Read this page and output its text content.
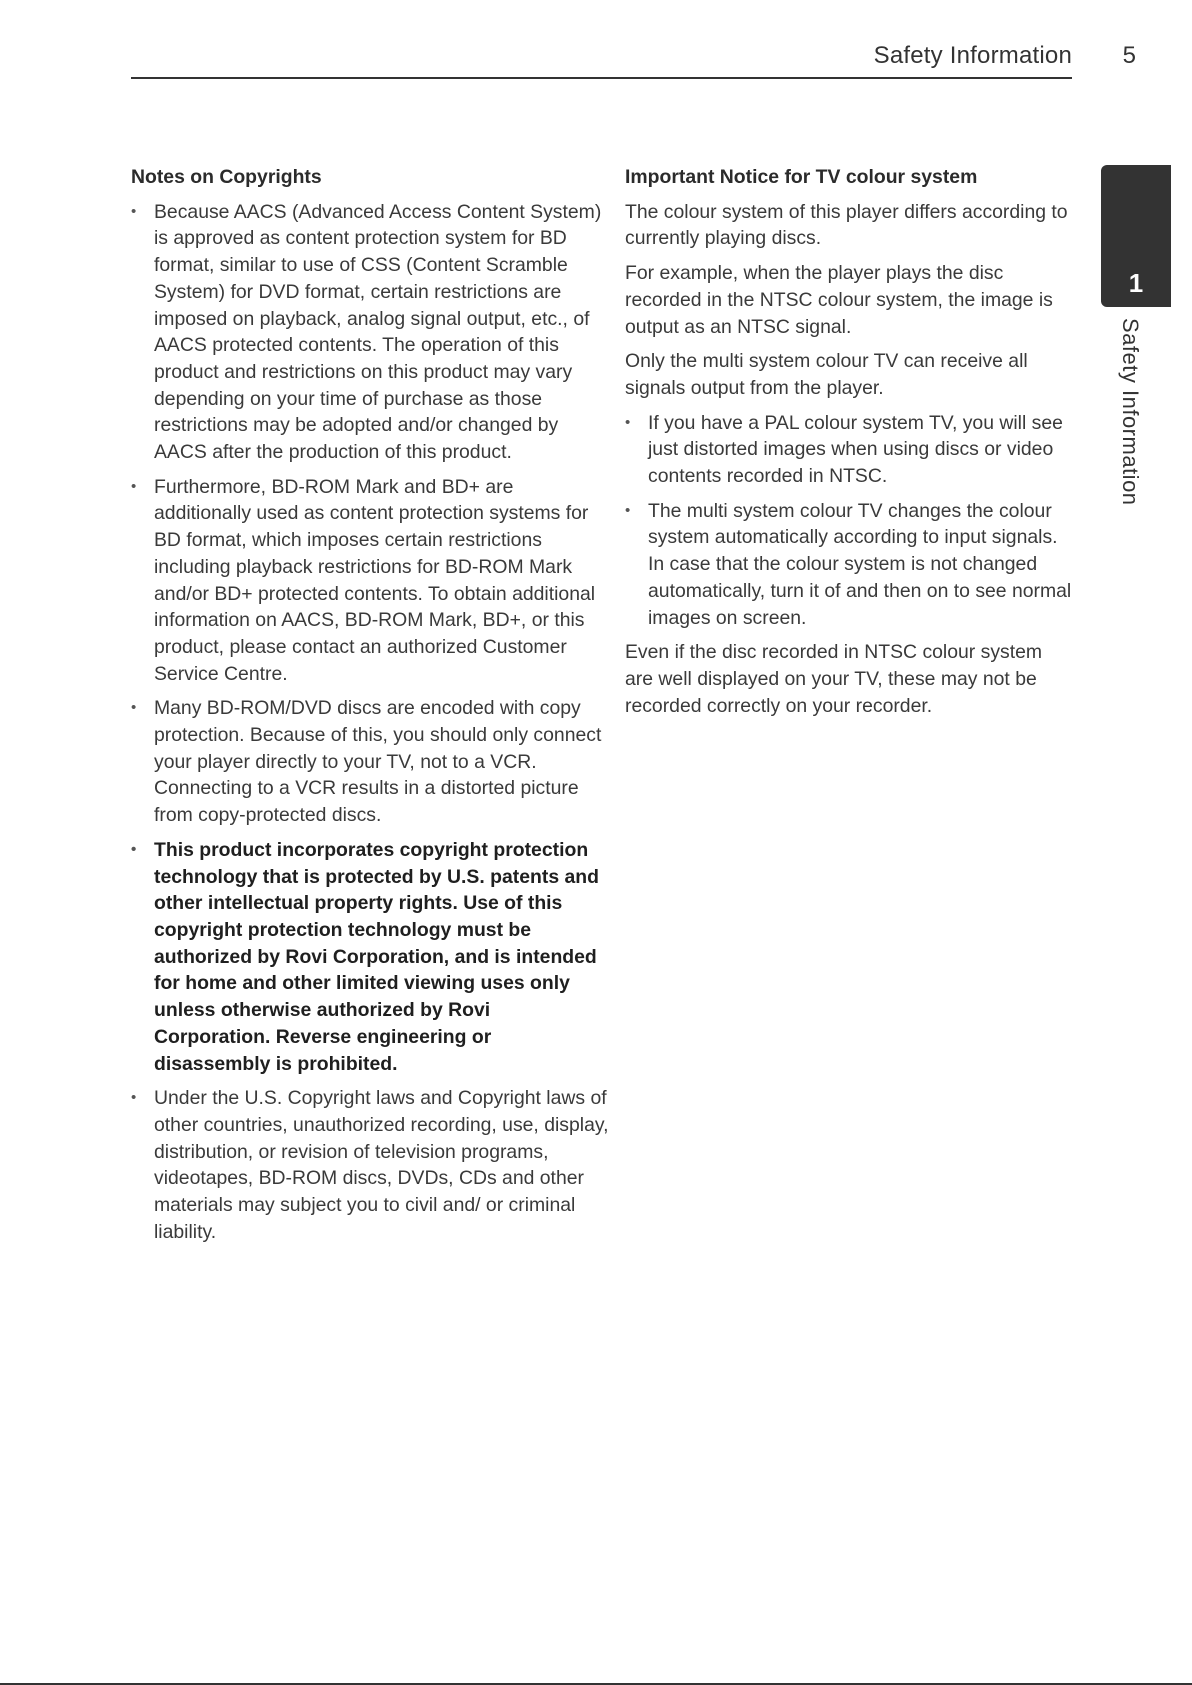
Safety Information 5
1
Safety Information
Notes on Copyrights
• Because AACS (Advanced Access Content System) is approved as content protection system for BD format, similar to use of CSS (Content Scramble System) for DVD format, certain restrictions are imposed on playback, analog signal output, etc., of AACS protected contents. The operation of this product and restrictions on this product may vary depending on your time of purchase as those restrictions may be adopted and/or changed by AACS after the production of this product.
• Furthermore, BD-ROM Mark and BD+ are additionally used as content protection systems for BD format, which imposes certain restrictions including playback restrictions for BD-ROM Mark and/or BD+ protected contents. To obtain additional information on AACS, BD-ROM Mark, BD+, or this product, please contact an authorized Customer Service Centre.
• Many BD-ROM/DVD discs are encoded with copy protection. Because of this, you should only connect your player directly to your TV, not to a VCR. Connecting to a VCR results in a distorted picture from copy-protected discs.
• This product incorporates copyright protection technology that is protected by U.S. patents and other intellectual property rights. Use of this copyright protection technology must be authorized by Rovi Corporation, and is intended for home and other limited viewing uses only unless otherwise authorized by Rovi Corporation. Reverse engineering or disassembly is prohibited.
• Under the U.S. Copyright laws and Copyright laws of other countries, unauthorized recording, use, display, distribution, or revision of television programs, videotapes, BD-ROM discs, DVDs, CDs and other materials may subject you to civil and/ or criminal liability.
Important Notice for TV colour system

The colour system of this player differs according to currently playing discs.

For example, when the player plays the disc recorded in the NTSC colour system, the image is output as an NTSC signal.

Only the multi system colour TV can receive all signals output from the player.

• If you have a PAL colour system TV, you will see just distorted images when using discs or video contents recorded in NTSC.
• The multi system colour TV changes the colour system automatically according to input signals. In case that the colour system is not changed automatically, turn it of and then on to see normal images on screen.

Even if the disc recorded in NTSC colour system are well displayed on your TV, these may not be recorded correctly on your recorder.
